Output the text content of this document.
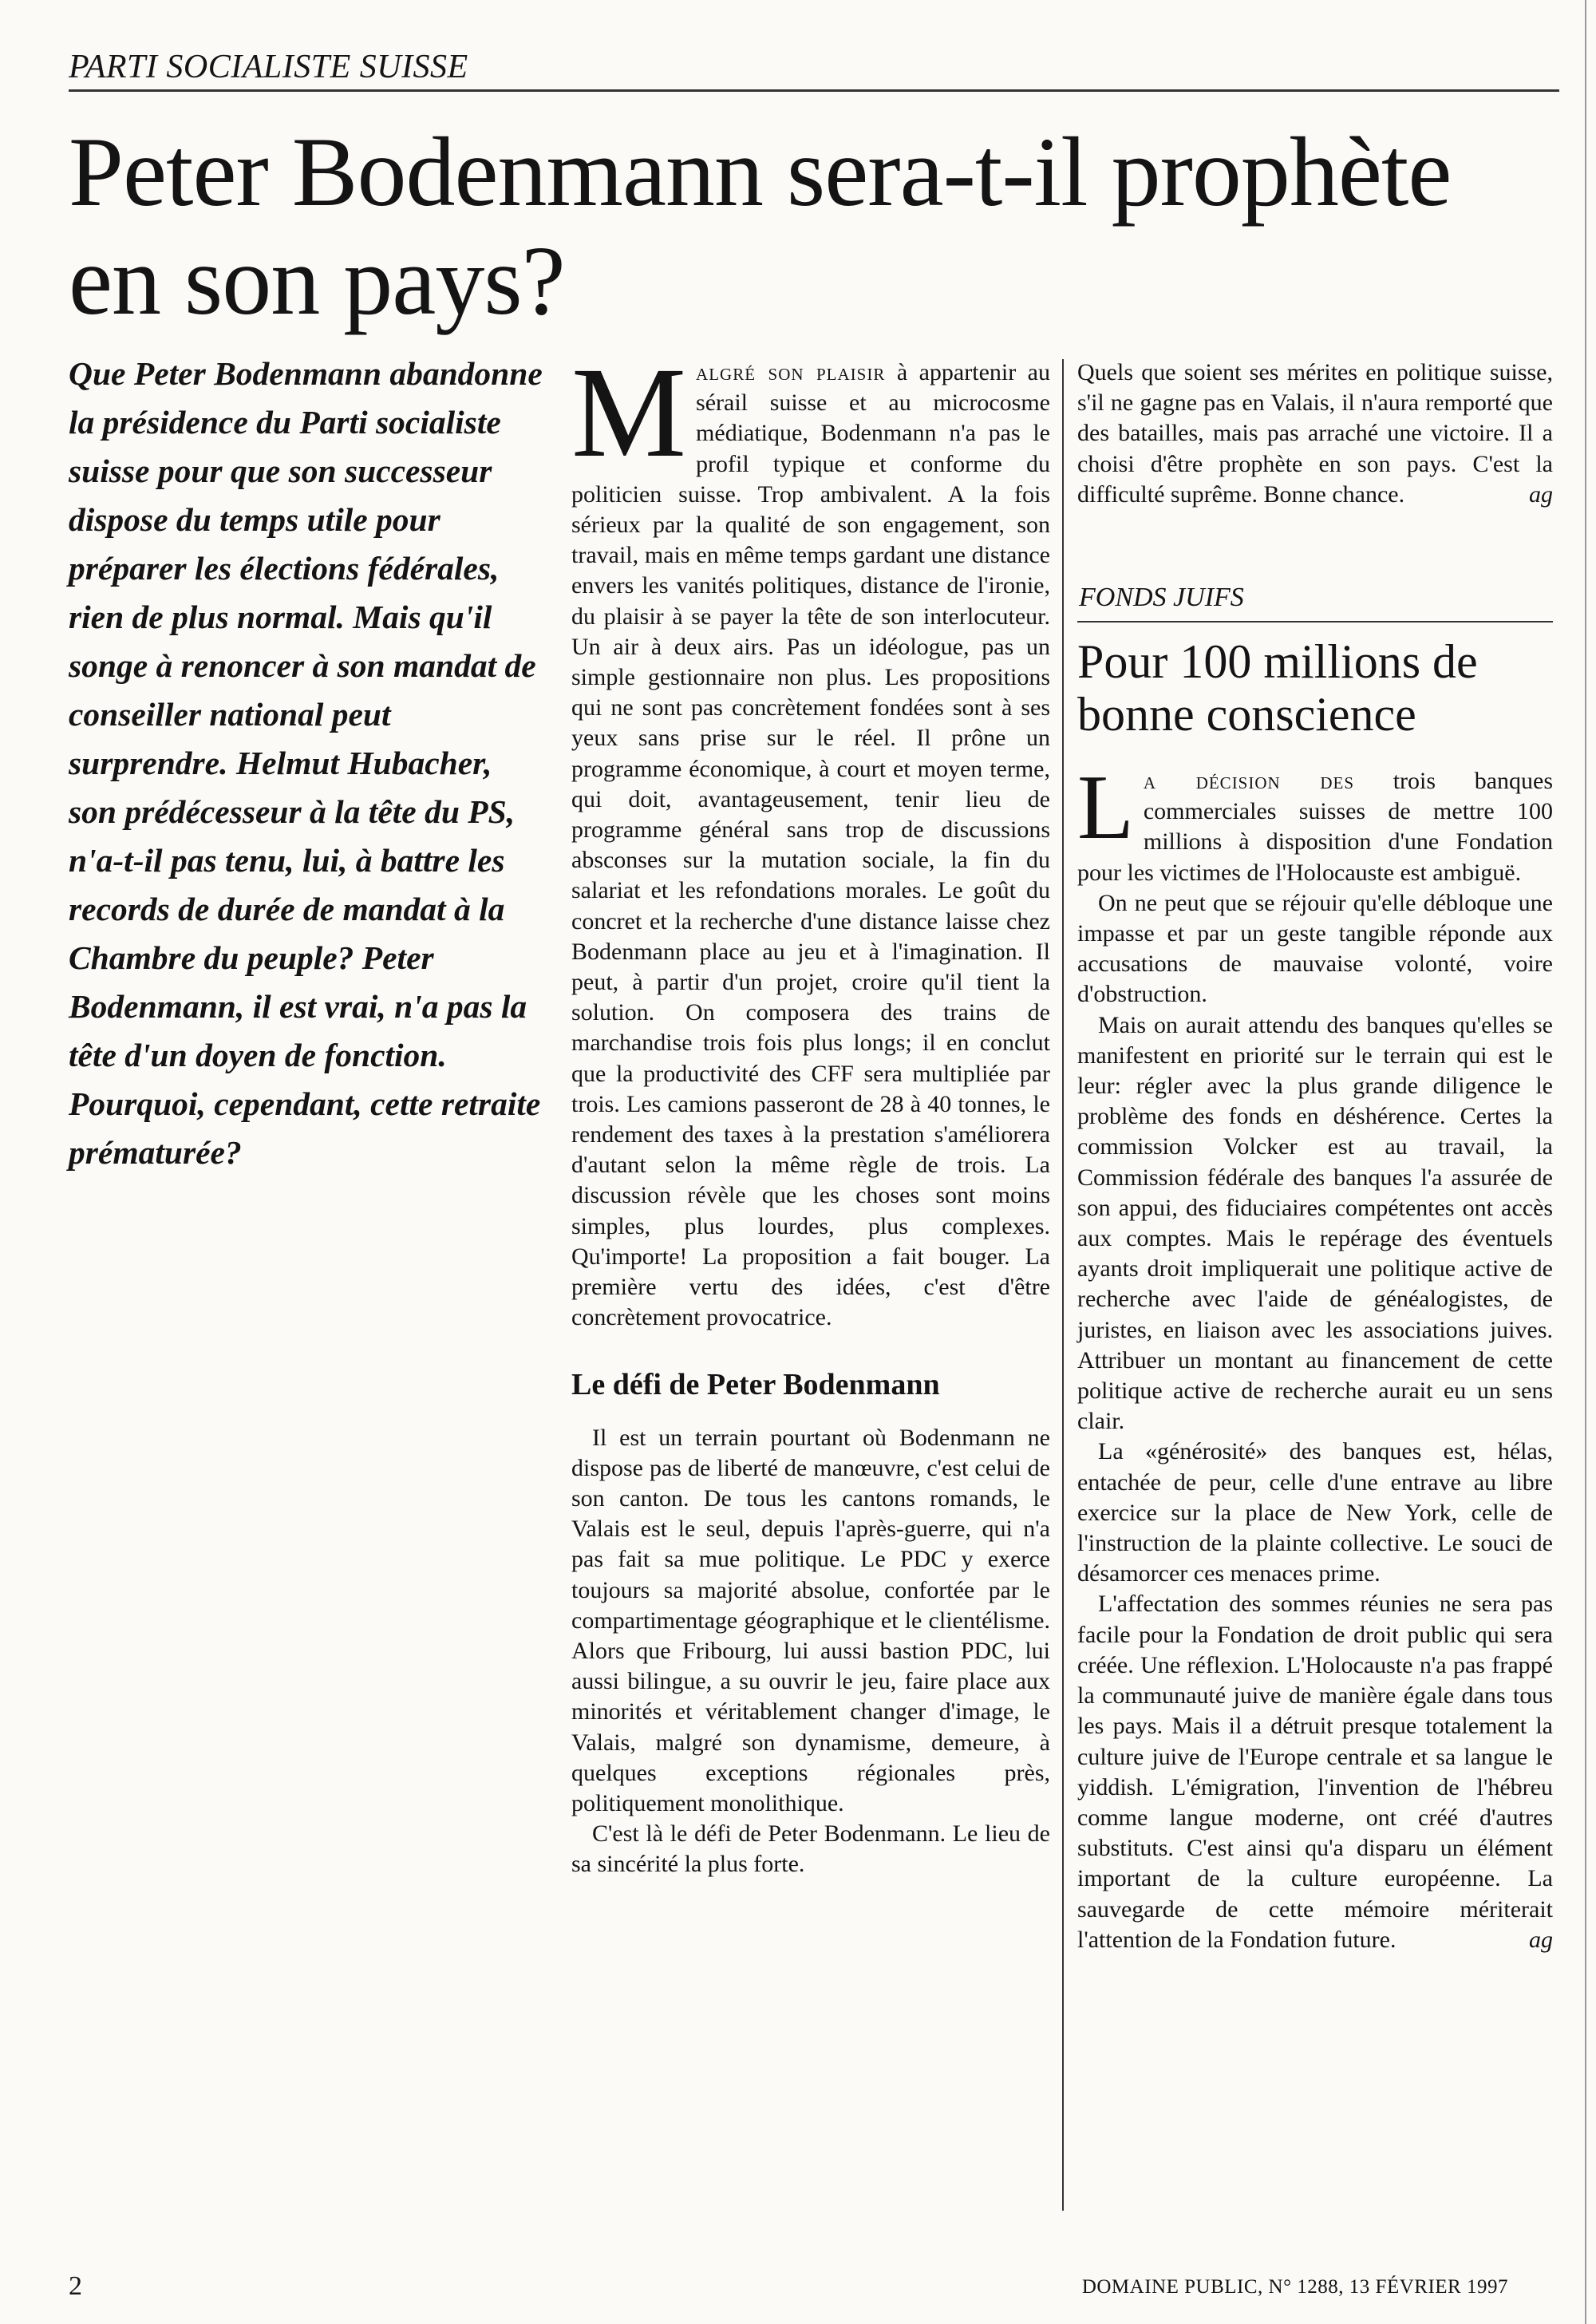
PARTI SOCIALISTE SUISSE
Peter Bodenmann sera-t-il prophète en son pays?
Que Peter Bodenmann abandonne la présidence du Parti socialiste suisse pour que son successeur dispose du temps utile pour préparer les élections fédérales, rien de plus normal. Mais qu'il songe à renoncer à son mandat de conseiller national peut surprendre. Helmut Hubacher, son prédécesseur à la tête du PS, n'a-t-il pas tenu, lui, à battre les records de durée de mandat à la Chambre du peuple? Peter Bodenmann, il est vrai, n'a pas la tête d'un doyen de fonction. Pourquoi, cependant, cette retraite prématurée?

Malgré son plaisir à appartenir au sérail suisse et au microcosme médiatique, Bodenmann n'a pas le profil typique et conforme du politicien suisse. Trop ambivalent. A la fois sérieux par la qualité de son engagement, son travail, mais en même temps gardant une distance envers les vanités politiques, distance de l'ironie, du plaisir à se payer la tête de son interlocuteur. Un air à deux airs. Pas un idéologue, pas un simple gestionnaire non plus. Les propositions qui ne sont pas concrètement fondées sont à ses yeux sans prise sur le réel. Il prône un programme économique, à court et moyen terme, qui doit, avantageusement, tenir lieu de programme général sans trop de discussions absconses sur la mutation sociale, la fin du salariat et les refondations morales. Le goût du concret et la recherche d'une distance laisse chez Bodenmann place au jeu et à l'imagination. Il peut, à partir d'un projet, croire qu'il tient la solution. On composera des trains de marchandise trois fois plus longs; il en conclut que la productivité des CFF sera multipliée par trois. Les camions passeront de 28 à 40 tonnes, le rendement des taxes à la prestation s'améliorera d'autant selon la même règle de trois. La discussion révèle que les choses sont moins simples, plus lourdes, plus complexes. Qu'importe! La proposition a fait bouger. La première vertu des idées, c'est d'être concrètement provocatrice.

Le défi de Peter Bodenmann

Il est un terrain pourtant où Bodenmann ne dispose pas de liberté de manœuvre, c'est celui de son canton. De tous les cantons romands, le Valais est le seul, depuis l'après-guerre, qui n'a pas fait sa mue politique. Le PDC y exerce toujours sa majorité absolue, confortée par le compartimentage géographique et le clientélisme. Alors que Fribourg, lui aussi bastion PDC, lui aussi bilingue, a su ouvrir le jeu, faire place aux minorités et véritablement changer d'image, le Valais, malgré son dynamisme, demeure, à quelques exceptions régionales près, politiquement monolithique.

C'est là le défi de Peter Bodenmann. Le lieu de sa sincérité la plus forte.

Quels que soient ses mérites en politique suisse, s'il ne gagne pas en Valais, il n'aura remporté que des batailles, mais pas arraché une victoire. Il a choisi d'être prophète en son pays. C'est la difficulté suprême. Bonne chance.	ag

FONDS JUIFS
Pour 100 millions de bonne conscience

La décision des trois banques commerciales suisses de mettre 100 millions à disposition d'une Fondation pour les victimes de l'Holocauste est ambiguë.

On ne peut que se réjouir qu'elle débloque une impasse et par un geste tangible réponde aux accusations de mauvaise volonté, voire d'obstruction.

Mais on aurait attendu des banques qu'elles se manifestent en priorité sur le terrain qui est le leur: régler avec la plus grande diligence le problème des fonds en déshérence. Certes la commission Volcker est au travail, la Commission fédérale des banques l'a assurée de son appui, des fiduciaires compétentes ont accès aux comptes. Mais le repérage des éventuels ayants droit impliquerait une politique active de recherche avec l'aide de généalogistes, de juristes, en liaison avec les associations juives. Attribuer un montant au financement de cette politique active de recherche aurait eu un sens clair.

La «générosité» des banques est, hélas, entachée de peur, celle d'une entrave au libre exercice sur la place de New York, celle de l'instruction de la plainte collective. Le souci de désamorcer ces menaces prime.

L'affectation des sommes réunies ne sera pas facile pour la Fondation de droit public qui sera créée. Une réflexion. L'Holocauste n'a pas frappé la communauté juive de manière égale dans tous les pays. Mais il a détruit presque totalement la culture juive de l'Europe centrale et sa langue le yiddish. L'émigration, l'invention de l'hébreu comme langue moderne, ont créé d'autres substituts. C'est ainsi qu'a disparu un élément important de la culture européenne. La sauvegarde de cette mémoire mériterait l'attention de la Fondation future.	ag

2	DOMAINE PUBLIC, N° 1288, 13 FÉVRIER 1997
